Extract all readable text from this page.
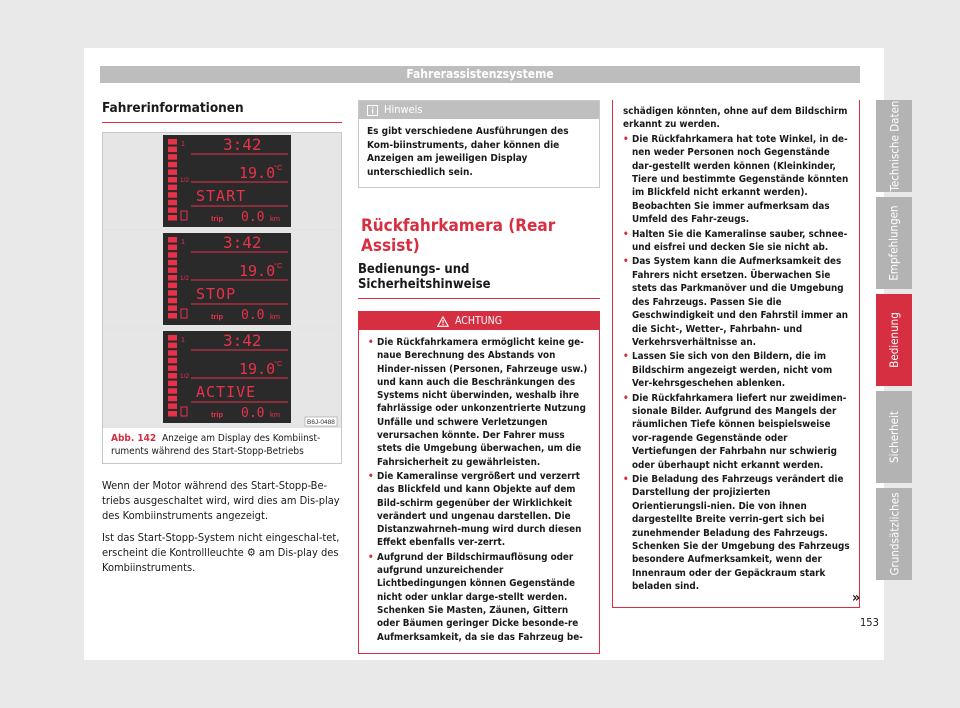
Fahrerassistenzsysteme
Technische Daten
Empfehlungen
Bedienung
Sicherheit
Grundsätzliches
Fahrerinformationen
1
1/2
3:42
19.0
°C
START
trip 0.0 km
1
1/2
3:42
19.0
°C
STOP
trip 0.0 km
1
1/2
3:42
19.0
°C
ACTIVE
trip 0.0 km
B6J-0488
Abb. 142 Anzeige am Display des Kombiinst-ruments während des Start-Stopp-Betriebs

Wenn der Motor während des Start-Stopp-Be-triebs ausgeschaltet wird, wird dies am Dis-play des Kombiinstruments angezeigt.

Ist das Start-Stopp-System nicht eingeschal-tet, erscheint die Kontrollleuchte ⚙ am Dis-play des Kombiinstruments.

Hinweis
Es gibt verschiedene Ausführungen des Kom-biinstruments, daher können die Anzeigen am jeweiligen Display unterschiedlich sein.
Rückfahrkamera (Rear Assist)
Bedienungs- und Sicherheitshinweise
ACHTUNG
• Die Rückfahrkamera ermöglicht keine ge-naue Berechnung des Abstands von Hinder-nissen (Personen, Fahrzeuge usw.) und kann auch die Beschränkungen des Systems nicht überwinden, weshalb ihre fahrlässige oder unkonzentrierte Nutzung Unfälle und schwere Verletzungen verursachen könnte. Der Fahrer muss stets die Umgebung überwachen, um die Fahrsicherheit zu gewährleisten.
• Die Kameralinse vergrößert und verzerrt das Blickfeld und kann Objekte auf dem Bild-schirm gegenüber der Wirklichkeit verändert und ungenau darstellen. Die Distanzwahrneh-mung wird durch diesen Effekt ebenfalls ver-zerrt.
• Aufgrund der Bildschirmauflösung oder aufgrund unzureichender Lichtbedingungen können Gegenstände nicht oder unklar darge-stellt werden. Schenken Sie Masten, Zäunen, Gittern oder Bäumen geringer Dicke besonde-re Aufmerksamkeit, da sie das Fahrzeug be-
schädigen könnten, ohne auf dem Bildschirm erkannt zu werden.
• Die Rückfahrkamera hat tote Winkel, in de-nen weder Personen noch Gegenstände dar-gestellt werden können (Kleinkinder, Tiere und bestimmte Gegenstände könnten im Blickfeld nicht erkannt werden). Beobachten Sie immer aufmerksam das Umfeld des Fahr-zeugs.
• Halten Sie die Kameralinse sauber, schnee-und eisfrei und decken Sie sie nicht ab.
• Das System kann die Aufmerksamkeit des Fahrers nicht ersetzen. Überwachen Sie stets das Parkmanöver und die Umgebung des Fahrzeugs. Passen Sie die Geschwindigkeit und den Fahrstil immer an die Sicht-, Wetter-, Fahrbahn- und Verkehrsverhältnisse an.
• Lassen Sie sich von den Bildern, die im Bildschirm angezeigt werden, nicht vom Ver-kehrsgeschehen ablenken.
• Die Rückfahrkamera liefert nur zweidimen-sionale Bilder. Aufgrund des Mangels der räumlichen Tiefe können beispielsweise vor-ragende Gegenstände oder Vertiefungen der Fahrbahn nur schwierig oder überhaupt nicht erkannt werden.
• Die Beladung des Fahrzeugs verändert die Darstellung der projizierten Orientierungsli-nien. Die von ihnen dargestellte Breite verrin-gert sich bei zunehmender Beladung des Fahrzeugs. Schenken Sie der Umgebung des Fahrzeugs besondere Aufmerksamkeit, wenn der Innenraum oder der Gepäckraum stark beladen sind.
»
153
